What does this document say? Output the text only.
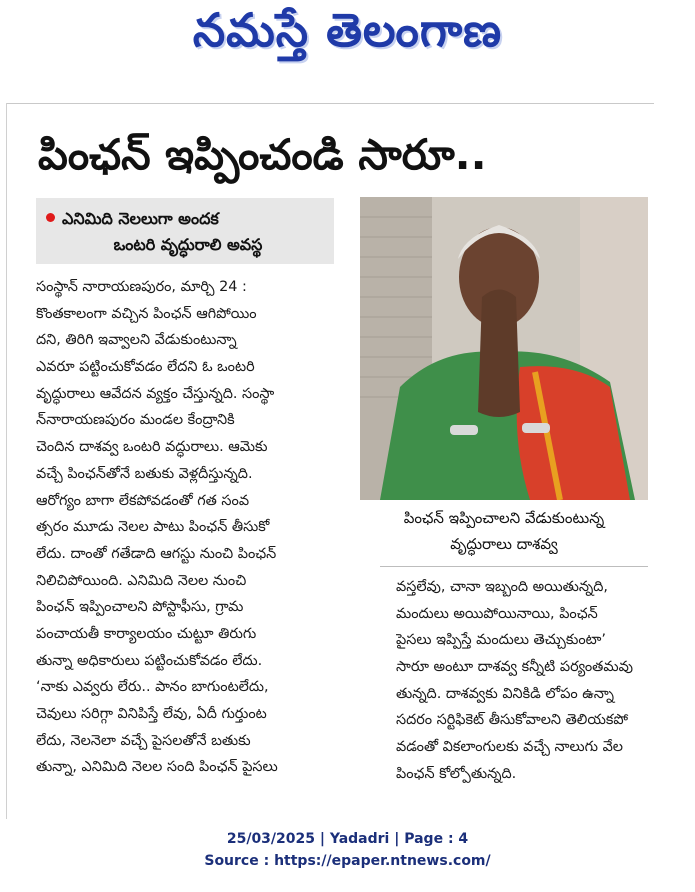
నమస్తే తెలంగాణ
పింఛన్ ఇప్పించండి సారూ..
ఎనిమిది నెలలుగా అందక
ఒంటరి వృద్ధురాలి అవస్థ
సంస్థాన్ నారాయణపురం, మార్చి 24 :
కొంతకాలంగా వచ్చిన పింఛన్ ఆగిపోయిం
దని, తిరిగి ఇవ్వాలని వేడుకుంటున్నా
ఎవరూ పట్టించుకోవడం లేదని ఓ ఒంటరి
వృద్ధురాలు ఆవేదన వ్యక్తం చేస్తున్నది. సంస్థా
న్‌నారాయణపురం మండల కేంద్రానికి
చెందిన దాశవ్వ ఒంటరి వద్ధురాలు. ఆమెకు
వచ్చే పింఛన్‌తోనే బతుకు వెళ్లదీస్తున్నది.
ఆరోగ్యం బాగా లేకపోవడంతో గత సంవ
త్సరం మూడు నెలల పాటు పింఛన్ తీసుకో
లేదు. దాంతో గతేడాది ఆగస్టు నుంచి పింఛన్
నిలిచిపోయింది. ఎనిమిది నెలల నుంచి
పింఛన్ ఇప్పించాలని పోస్టాఫీసు, గ్రామ
పంచాయతీ కార్యాలయం చుట్టూ తిరుగు
తున్నా అధికారులు పట్టించుకోవడం లేదు.
‘నాకు ఎవ్వరు లేరు.. పానం బాగుంటలేదు,
చెవులు సరిగ్గా వినిపిస్తే లేవు, ఏదీ గుర్తుంట
లేదు, నెలనెలా వచ్చే పైసలతోనే బతుకు
తున్నా, ఎనిమిది నెలల సంది పింఛన్ పైసలు
పింఛన్ ఇప్పించాలని వేడుకుంటున్న
వృద్ధురాలు దాశవ్వ
వస్తలేవు, చానా ఇబ్బంది అయితున్నది,
మందులు అయిపోయినాయి, పింఛన్
పైసలు ఇప్పిస్తే మందులు తెచ్చుకుంటా’
సారూ అంటూ దాశవ్వ కన్నీటి పర్యంతమవు
తున్నది. దాశవ్వకు వినికిడి లోపం ఉన్నా
సదరం సర్టిఫికెట్ తీసుకోవాలని తెలియకపో
వడంతో వికలాంగులకు వచ్చే నాలుగు వేల
పింఛన్ కోల్పోతున్నది.
25/03/2025 | Yadadri | Page : 4
Source : https://epaper.ntnews.com/
